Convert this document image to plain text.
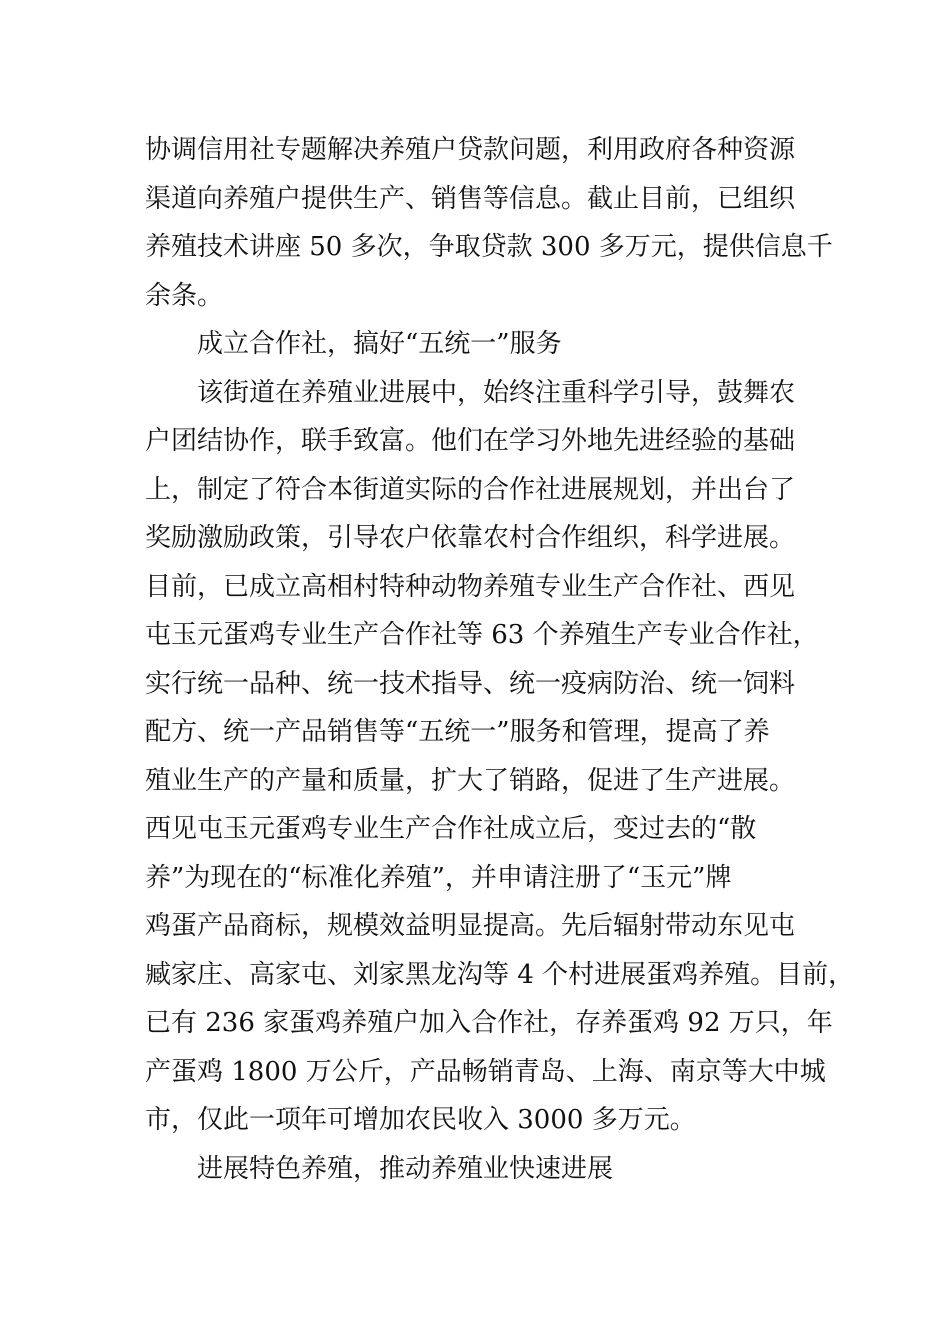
协调信用社专题解决养殖户贷款问题，利用政府各种资源
渠道向养殖户提供生产、销售等信息。截止目前，已组织
养殖技术讲座 50 多次，争取贷款 300 多万元，提供信息千
余条。
成立合作社，搞好“五统一”服务
该街道在养殖业进展中，始终注重科学引导，鼓舞农
户团结协作，联手致富。他们在学习外地先进经验的基础
上，制定了符合本街道实际的合作社进展规划，并出台了
奖励激励政策，引导农户依靠农村合作组织，科学进展。
目前，已成立高相村特种动物养殖专业生产合作社、西见
屯玉元蛋鸡专业生产合作社等 63 个养殖生产专业合作社，
实行统一品种、统一技术指导、统一疫病防治、统一饲料
配方、统一产品销售等“五统一”服务和管理，提高了养
殖业生产的产量和质量，扩大了销路，促进了生产进展。
西见屯玉元蛋鸡专业生产合作社成立后，变过去的“散
养”为现在的“标准化养殖”，并申请注册了“玉元”牌
鸡蛋产品商标，规模效益明显提高。先后辐射带动东见屯
臧家庄、高家屯、刘家黑龙沟等 4 个村进展蛋鸡养殖。目前，
已有 236 家蛋鸡养殖户加入合作社，存养蛋鸡 92 万只，年
产蛋鸡 1800 万公斤，产品畅销青岛、上海、南京等大中城
市，仅此一项年可增加农民收入 3000 多万元。
进展特色养殖，推动养殖业快速进展
